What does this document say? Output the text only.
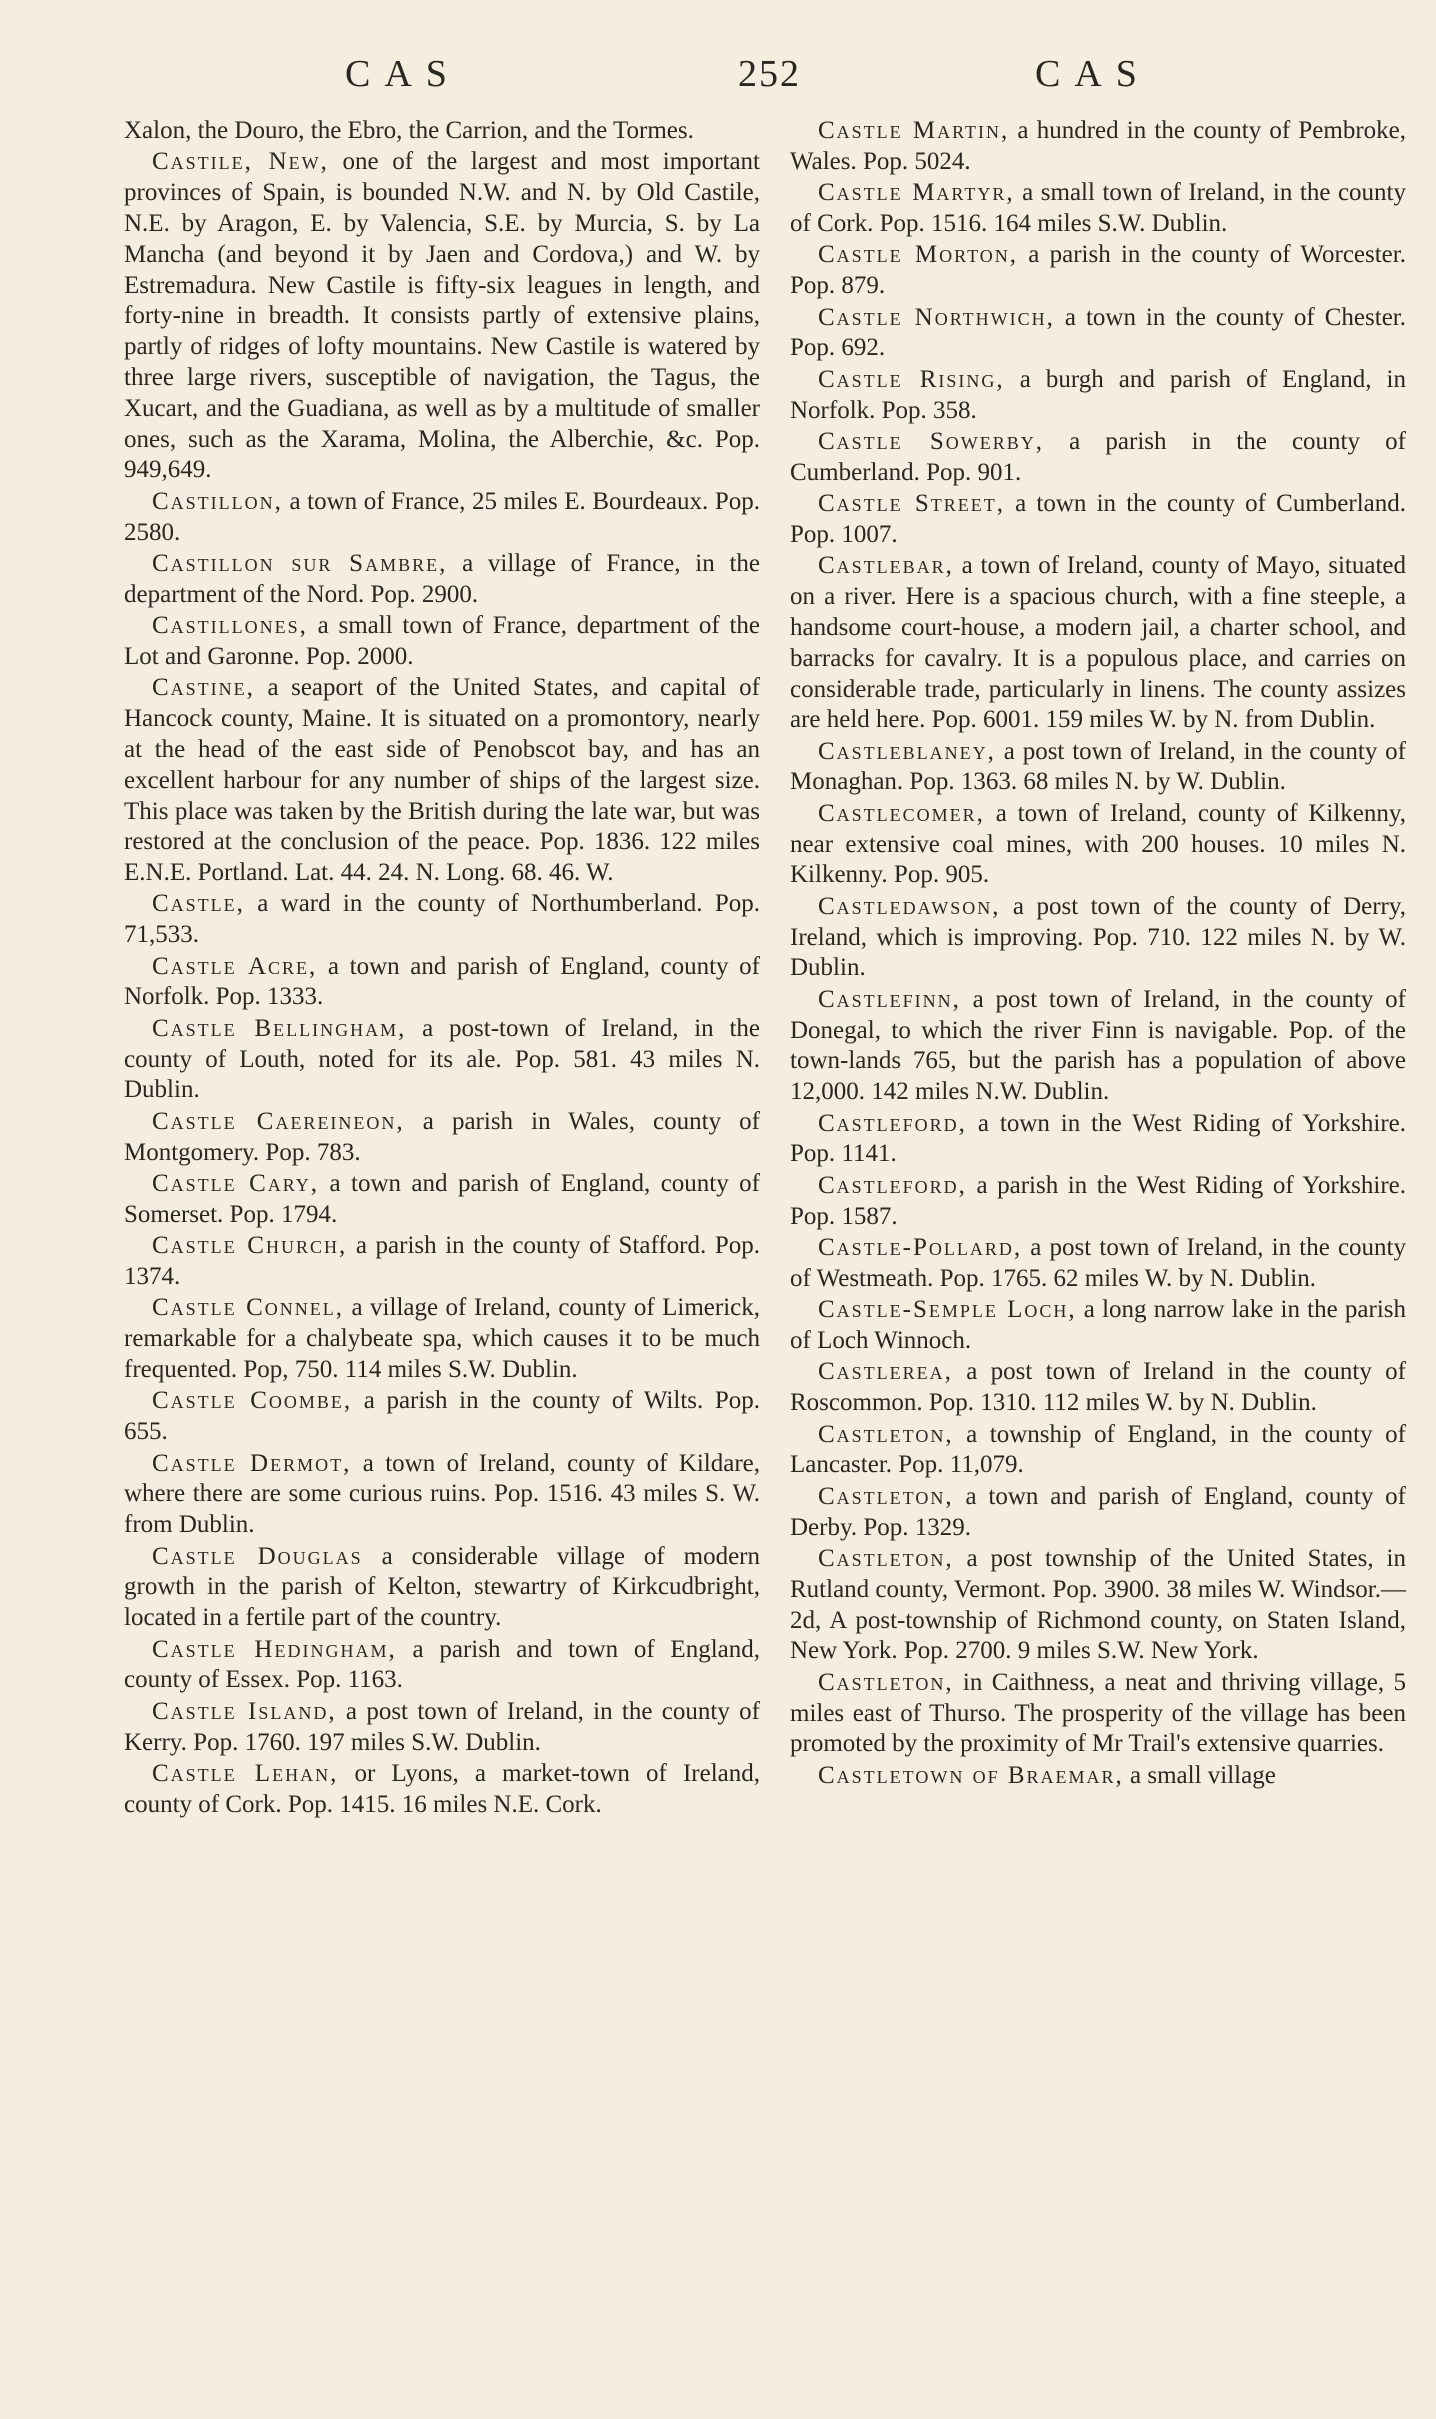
CAS	252	CAS

Xalon, the Douro, the Ebro, the Carrion, and the Tormes.

Castile, New, one of the largest and most important provinces of Spain, is bounded N.W. and N. by Old Castile, N.E. by Aragon, E. by Valencia, S.E. by Murcia, S. by La Mancha (and beyond it by Jaen and Cordova,) and W. by Estremadura. New Castile is fifty-six leagues in length, and forty-nine in breadth. It consists partly of extensive plains, partly of ridges of lofty mountains. New Castile is watered by three large rivers, susceptible of navigation, the Tagus, the Xucart, and the Guadiana, as well as by a multitude of smaller ones, such as the Xarama, Molina, the Alberchie, &c. Pop. 949,649.

Castillon, a town of France, 25 miles E. Bourdeaux. Pop. 2580.

Castillon sur Sambre, a village of France, in the department of the Nord. Pop. 2900.

Castillones, a small town of France, department of the Lot and Garonne. Pop. 2000.

Castine, a seaport of the United States, and capital of Hancock county, Maine. It is situated on a promontory, nearly at the head of the east side of Penobscot bay, and has an excellent harbour for any number of ships of the largest size. This place was taken by the British during the late war, but was restored at the conclusion of the peace. Pop. 1836. 122 miles E.N.E. Portland. Lat. 44. 24. N. Long. 68. 46. W.

Castle, a ward in the county of Northumberland. Pop. 71,533.

Castle Acre, a town and parish of England, county of Norfolk. Pop. 1333.

Castle Bellingham, a post-town of Ireland, in the county of Louth, noted for its ale. Pop. 581. 43 miles N. Dublin.

Castle Caereineon, a parish in Wales, county of Montgomery. Pop. 783.

Castle Cary, a town and parish of England, county of Somerset. Pop. 1794.

Castle Church, a parish in the county of Stafford. Pop. 1374.

Castle Connel, a village of Ireland, county of Limerick, remarkable for a chalybeate spa, which causes it to be much frequented. Pop, 750. 114 miles S.W. Dublin.

Castle Coombe, a parish in the county of Wilts. Pop. 655.

Castle Dermot, a town of Ireland, county of Kildare, where there are some curious ruins. Pop. 1516. 43 miles S. W. from Dublin.

Castle Douglas a considerable village of modern growth in the parish of Kelton, stewartry of Kirkcudbright, located in a fertile part of the country.

Castle Hedingham, a parish and town of England, county of Essex. Pop. 1163.

Castle Island, a post town of Ireland, in the county of Kerry. Pop. 1760. 197 miles S.W. Dublin.

Castle Lehan, or Lyons, a market-town of Ireland, county of Cork. Pop. 1415. 16 miles N.E. Cork.

Castle Martin, a hundred in the county of Pembroke, Wales. Pop. 5024.

Castle Martyr, a small town of Ireland, in the county of Cork. Pop. 1516. 164 miles S.W. Dublin.

Castle Morton, a parish in the county of Worcester. Pop. 879.

Castle Northwich, a town in the county of Chester. Pop. 692.

Castle Rising, a burgh and parish of England, in Norfolk. Pop. 358.

Castle Sowerby, a parish in the county of Cumberland. Pop. 901.

Castle Street, a town in the county of Cumberland. Pop. 1007.

Castlebar, a town of Ireland, county of Mayo, situated on a river. Here is a spacious church, with a fine steeple, a handsome court-house, a modern jail, a charter school, and barracks for cavalry. It is a populous place, and carries on considerable trade, particularly in linens. The county assizes are held here. Pop. 6001. 159 miles W. by N. from Dublin.

Castleblaney, a post town of Ireland, in the county of Monaghan. Pop. 1363. 68 miles N. by W. Dublin.

Castlecomer, a town of Ireland, county of Kilkenny, near extensive coal mines, with 200 houses. 10 miles N. Kilkenny. Pop. 905.

Castledawson, a post town of the county of Derry, Ireland, which is improving. Pop. 710. 122 miles N. by W. Dublin.

Castlefinn, a post town of Ireland, in the county of Donegal, to which the river Finn is navigable. Pop. of the town-lands 765, but the parish has a population of above 12,000. 142 miles N.W. Dublin.

Castleford, a town in the West Riding of Yorkshire. Pop. 1141.

Castleford, a parish in the West Riding of Yorkshire. Pop. 1587.

Castle-Pollard, a post town of Ireland, in the county of Westmeath. Pop. 1765. 62 miles W. by N. Dublin.

Castle-Semple Loch, a long narrow lake in the parish of Loch Winnoch.

Castlerea, a post town of Ireland in the county of Roscommon. Pop. 1310. 112 miles W. by N. Dublin.

Castleton, a township of England, in the county of Lancaster. Pop. 11,079.

Castleton, a town and parish of England, county of Derby. Pop. 1329.

Castleton, a post township of the United States, in Rutland county, Vermont. Pop. 3900. 38 miles W. Windsor.—2d, A post-township of Richmond county, on Staten Island, New York. Pop. 2700. 9 miles S.W. New York.

Castleton, in Caithness, a neat and thriving village, 5 miles east of Thurso. The prosperity of the village has been promoted by the proximity of Mr Trail's extensive quarries.

Castletown of Braemar, a small village
